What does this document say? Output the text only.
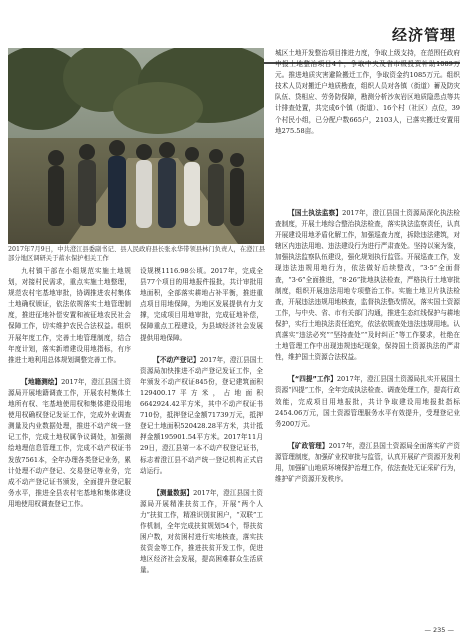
经济管理
2017年7月9日，中共澄江县委副书记、县人民政府县长张永华带领县林门负责人，在澄江县部分地区调研关于蓄水保护相关工作

九村镇干部在小组规范实施土地规划，对接村民需求，重点实施土地整理，规范农村宅基地审批，协调推进农村集体土地确权颁证，依法依规落实土地管理制度，推进征地补偿安置和被征地农民社会保障工作，切实维护农民合法权益。组织开展年度工作，完善土地管理制度，结合年度计划，落实新增建设用地指标，有序推进土地利用总体规划调整完善工作。

【地籍测绘】2017年，澄江县国土资源局开展地籍调查工作，开展农村集体土地所有权、宅基地使用权和集体建设用地使用权确权登记发证工作，完成外业调查测量及内业数据处理，推进不动产统一登记工作，完成土地权属争议调处，加强测绘地理信息管理工作，完成不动产权证书发放7561本，全年办理各类登记业务，累计处理不动产登记、交易登记等业务，完成不动产登记证书颁发，全面提升登记服务水平，推进全县农村宅基地和集体建设用地使用权调查登记工作。

设规模1116.98公顷。2017年，完成全县77个项目的用地报件报批，共计审批用地面积，全部落实耕地占补平衡，推进重点项目用地保障，为地区发展提供有力支撑，完成项目用地审批，完成征地补偿，保障重点工程建设，为县域经济社会发展提供用地保障。

【不动产登记】2017年，澄江县国土资源局加快推进不动产登记发证工作，全年颁发不动产权证845份，登记建筑面积129400.17平方米，占地面积6642924.42平方米，其中不动产权证书710份，抵押登记金额71739万元，抵押登记土地面积520428.28平方米，共计抵押金额195901.54平方米。2017年11月29日，澄江县第一本不动产权登记证书，标志着澄江县不动产统一登记机构正式启动运行。

【测量数据】2017年，澄江县国土资源局开展精准扶贫工作，开展“两个人力”扶贫工作，精准识别贫困户，“双联”工作机制，全年完成扶贫规划54个，帮扶贫困户数，对贫困村进行实地核查，落实扶贫资金等工作，推进扶贫开发工作，促进地区经济社会发展，提高困难群众生活质量。

城区土地开发整治项目推进力度，争取上级支持，在范围任政府申报土地整治项目4个，争取中央及省市级投资补助1089万元。推进地质灾害避险搬迁工作，争取资金约1085万元。组织技术人员对搬迁户地质勘查，组织人员对各镇（街道）蓄及防灾队伍、贷相应、劳务防保障，勘测分析沙灰岩区地质隐患点等共计排查处置，共完成6个镇（街道）、16个村（社区）点位，39个村民小组，已分配户数665户，2103人，已落实搬迁安置用地275.58亩。

【国土执法监察】2017年，澄江县国土资源局深化执法检查制度，开展土地综合整治执法检查，落实执法监察责任，认真开展建设用地矛盾化解工作，加强巡查力度，拆除违法建筑，对辖区内违法用地、违法建设行为进行严肃查处。坚持以案为鉴，加强执法监察队伍建设，强化规划执行监管。开展巡查工作，发现违法违规用地行为，依法做好后续整改，“3·5”全面督查，“3·6”全面推进，“8·26”批地执法检查，严格执行土地审批制度，组织开展违法用地专项整治工作。实施土地卫片执法检查，开展违法违规用地核查，监督执法整改情况，落实国土资源工作，与中央、省、市有关部门沟通，推进生态红线保护与耕地保护，实行土地执法责任追究，依法依规查处违法违规用地。认真落实“违法必究”“坚持查处”“及时纠正”等工作要求，杜绝在土地管理工作中出现违规违纪现象，保持国土资源执法的严肃性，维护国土资源合法权益。

【“四提”工作】2017年，澄江县国土资源局扎实开展国土资源“四提”工作，全年完成执法检查、调查处理工作，提高行政效能，完成项目用地报批，共计争取建设用地报批指标2454.06万元，国土资源管理服务水平有效提升，受理登记业务200万元。

【矿政管理】2017年，澄江县国土资源局全面落实矿产资源管理制度，加强矿业权审批与监管，认真开展矿产资源开发利用，加强矿山地质环境保护治理工作，依法查处无证采矿行为，维护矿产资源开发秩序。

— 235 —
